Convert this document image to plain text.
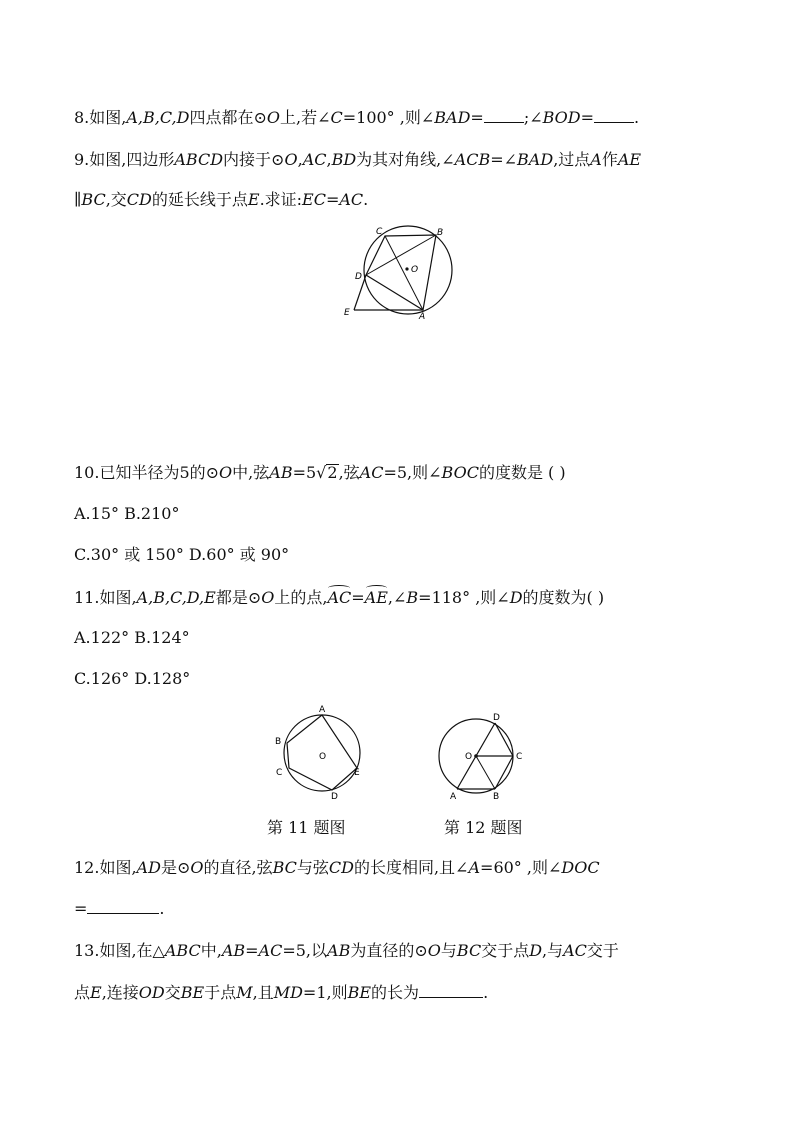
8.如图,A,B,C,D四点都在⊙O上,若∠C=100° ,则∠BAD=	;∠BOD=	.
9.如图,四边形ABCD内接于⊙O,AC,BD为其对角线,∠ACB=∠BAD,过点A作AE
∥BC,交CD的延长线于点E.求证:EC=AC.
C	B
O
D
E	A
10.已知半径为5的⊙O中,弦AB=5√2,弦AC=5,则∠BOC的度数是 ( )
A.15° B.210°
C.30° 或 150° D.60° 或 90°
11.如图,A,B,C,D,E都是⊙O上的点,AC=AE,∠B=118° ,则∠D的度数为( )
A.122° B.124°
C.126° D.128°
O
A
B
C
D
E
D
O	C
A	B
第 11 题图	第 12 题图
12.如图,AD是⊙O的直径,弦BC与弦CD的长度相同,且∠A=60° ,则∠DOC
=	.
13.如图,在△ABC中,AB=AC=5,以AB为直径的⊙O与BC交于点D,与AC交于
点E,连接OD交BE于点M,且MD=1,则BE的长为	.
